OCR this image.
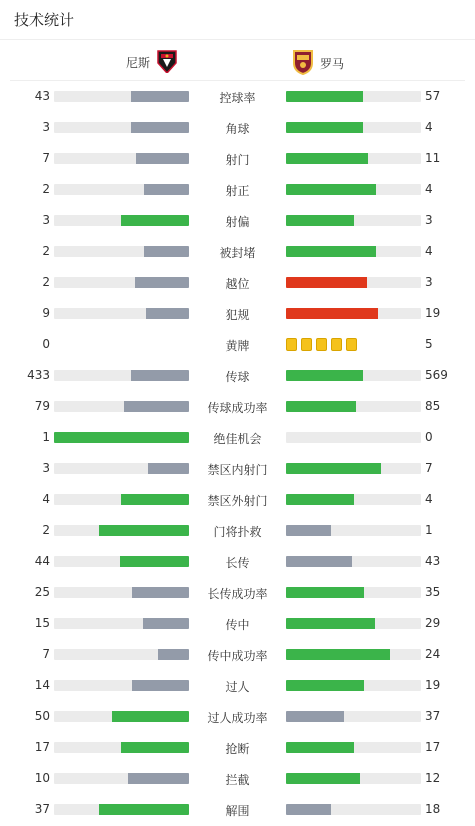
技术统计
尼斯	罗马
43	控球率	57
3	角球	4
7	射门	11
2	射正	4
3	射偏	3
2	被封堵	4
2	越位	3
9	犯规	19
0	黄牌	5
433	传球	569
79	传球成功率	85
1	绝佳机会	0
3	禁区内射门	7
4	禁区外射门	4
2	门将扑救	1
44	长传	43
25	长传成功率	35
15	传中	29
7	传中成功率	24
14	过人	19
50	过人成功率	37
17	抢断	17
10	拦截	12
37	解围	18
